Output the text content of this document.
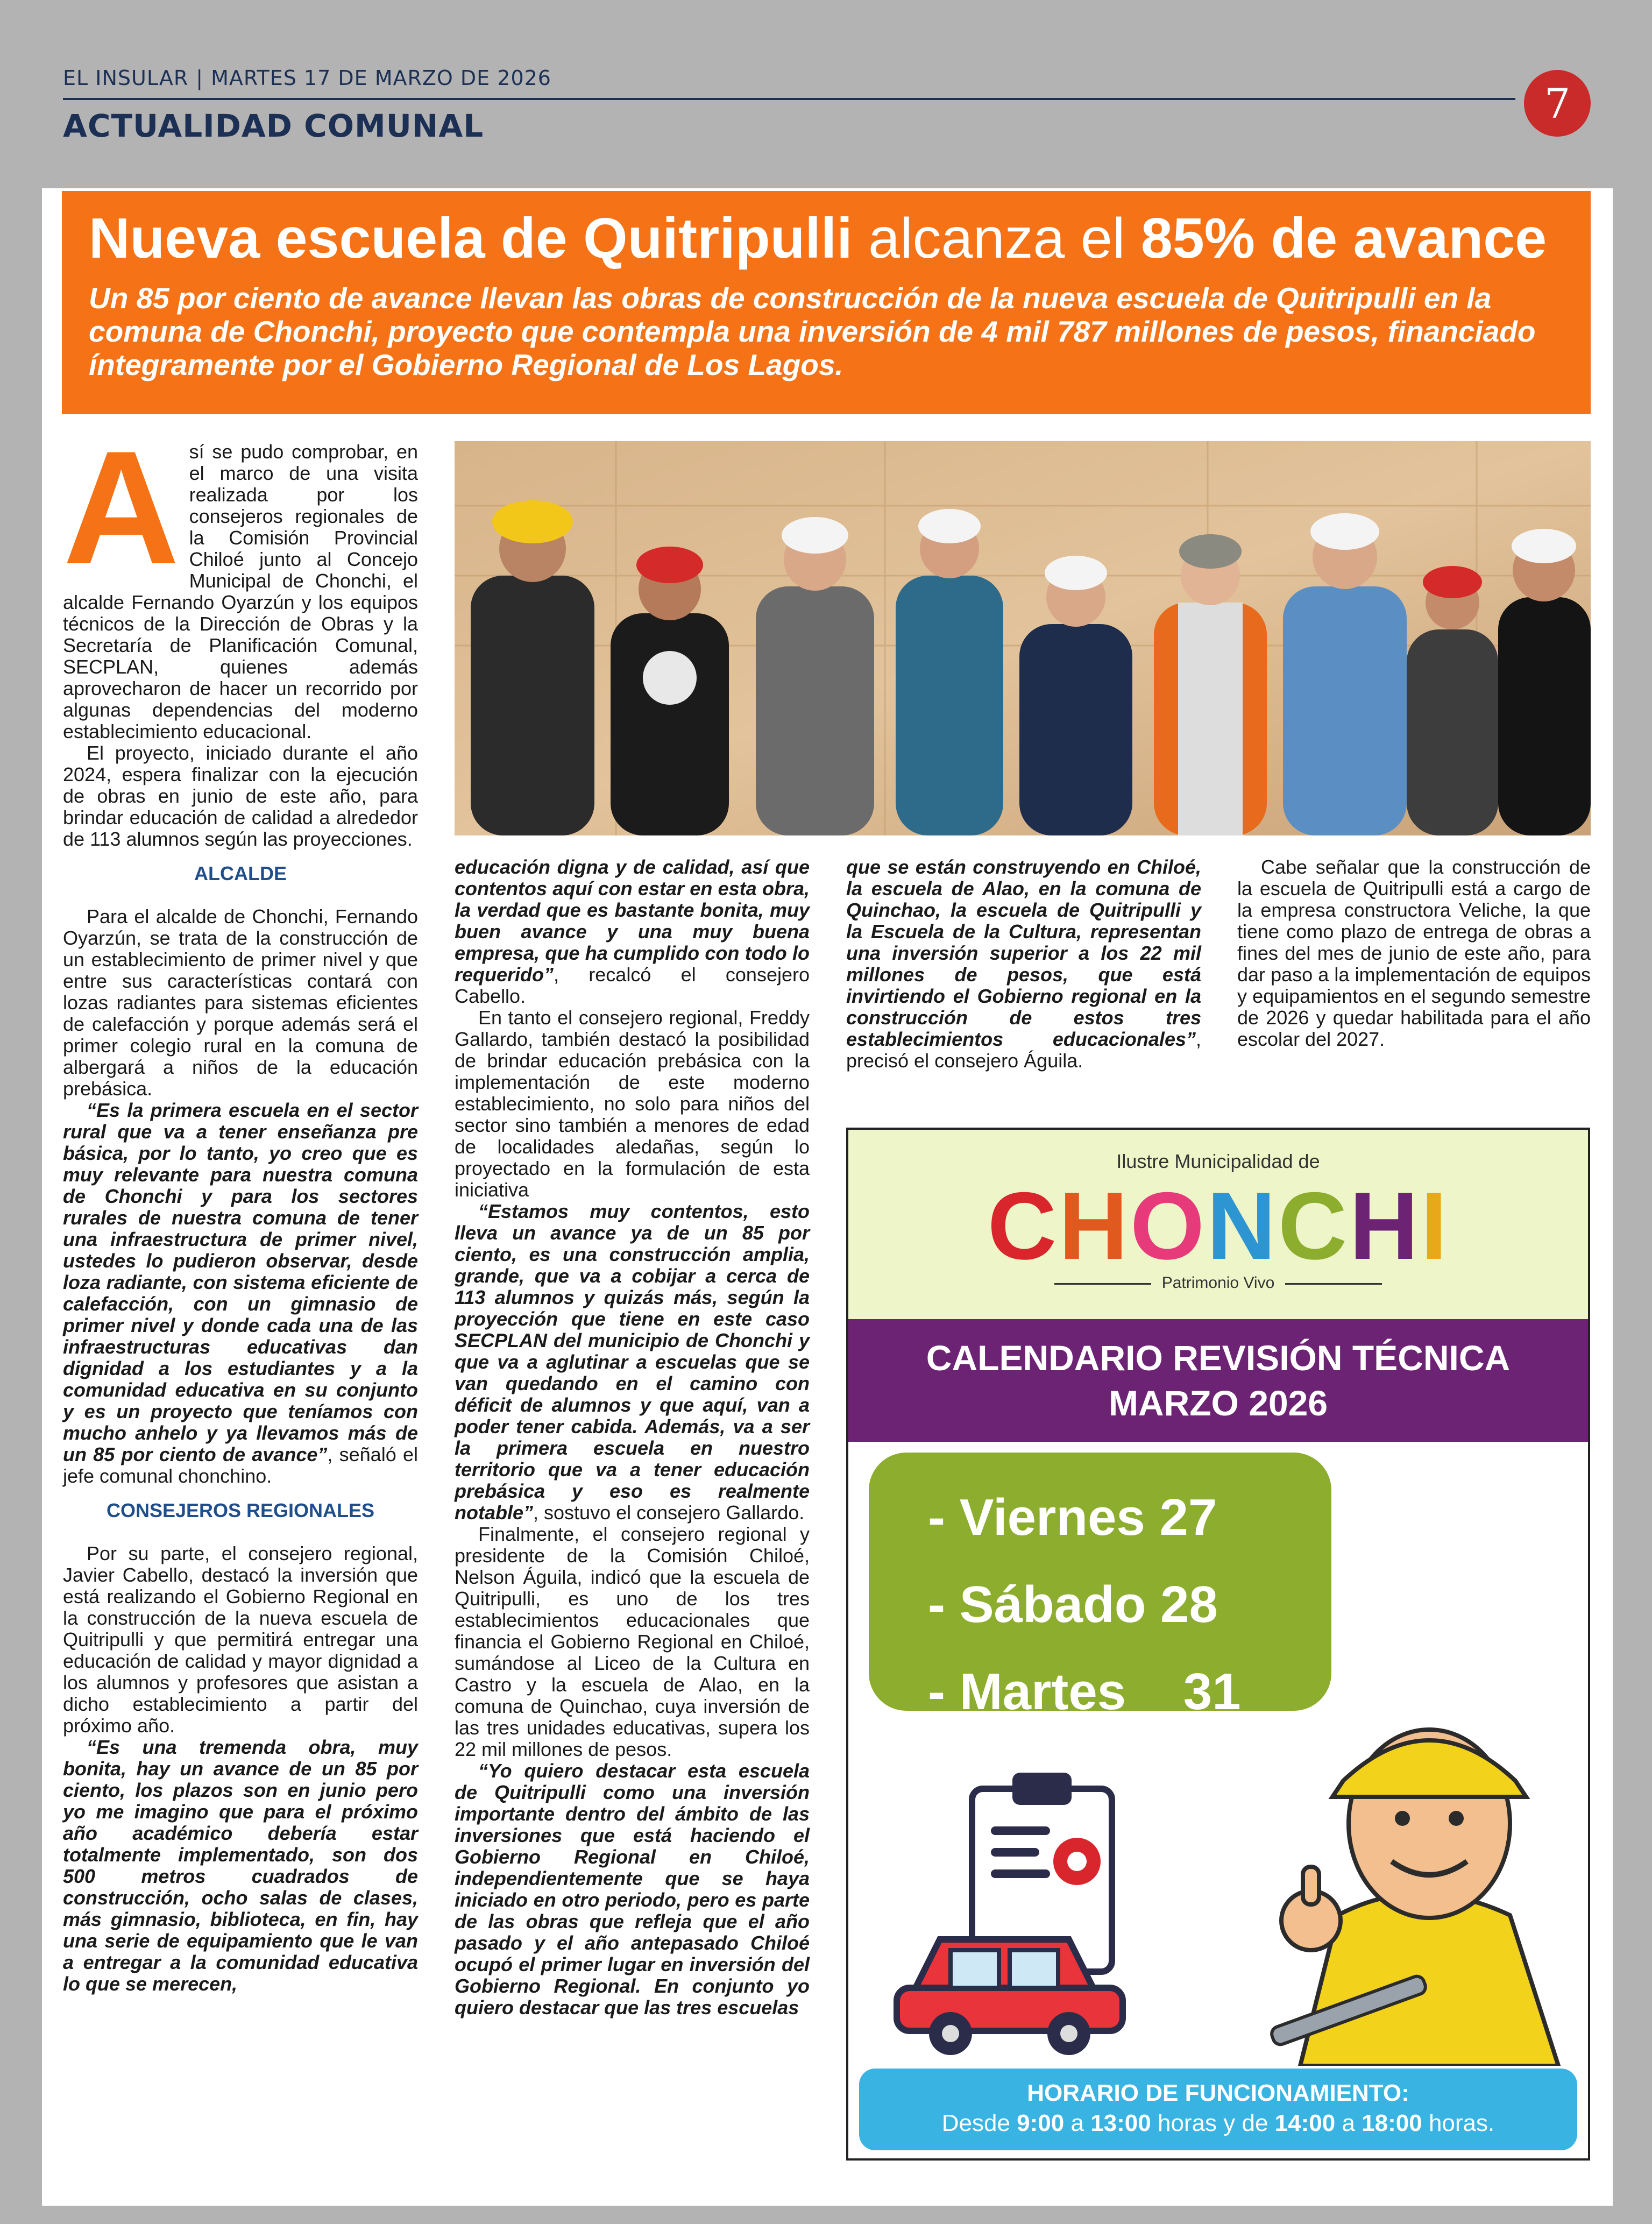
EL INSULAR | MARTES 17 DE MARZO DE 2026
ACTUALIDAD COMUNAL	7
Nueva escuela de Quitripulli alcanza el 85% de avance
Un 85 por ciento de avance llevan las obras de construcción de la nueva escuela de Quitripulli en la comuna de Chonchi, proyecto que contempla una inversión de 4 mil 787 millones de pesos, financiado íntegramente por el Gobierno Regional de Los Lagos.
A sí se pudo comprobar, en el marco de una visita realizada por los consejeros regionales de la Comisión Provincial Chiloé junto al Concejo Municipal de Chonchi, el alcalde Fernando Oyarzún y los equipos técnicos de la Dirección de Obras y la Secretaría de Planificación Comunal, SECPLAN, quienes además aprovecharon de hacer un recorrido por algunas dependencias del moderno establecimiento educacional.

El proyecto, iniciado durante el año 2024, espera finalizar con la ejecución de obras en junio de este año, para brindar educación de calidad a alrededor de 113 alumnos según las proyecciones.

ALCALDE

Para el alcalde de Chonchi, Fernando Oyarzún, se trata de la construcción de un establecimiento de primer nivel y que entre sus características contará con lozas radiantes para sistemas eficientes de calefacción y porque además será el primer colegio rural en la comuna de albergará a niños de la educación prebásica.

“Es la primera escuela en el sector rural que va a tener enseñanza pre básica, por lo tanto, yo creo que es muy relevante para nuestra comuna de Chonchi y para los sectores rurales de nuestra comuna de tener una infraestructura de primer nivel, ustedes lo pudieron observar, desde loza radiante, con sistema eficiente de calefacción, con un gimnasio de primer nivel y donde cada una de las infraestructuras educativas dan dignidad a los estudiantes y a la comunidad educativa en su conjunto y es un proyecto que teníamos con mucho anhelo y ya llevamos más de un 85 por ciento de avance”, señaló el jefe comunal chonchino.

CONSEJEROS REGIONALES

Por su parte, el consejero regional, Javier Cabello, destacó la inversión que está realizando el Gobierno Regional en la construcción de la nueva escuela de Quitripulli y que permitirá entregar una educación de calidad y mayor dignidad a los alumnos y profesores que asistan a dicho establecimiento a partir del próximo año.

“Es una tremenda obra, muy bonita, hay un avance de un 85 por ciento, los plazos son en junio pero yo me imagino que para el próximo año académico debería estar totalmente implementado, son dos 500 metros cuadrados de construcción, ocho salas de clases, más gimnasio, biblioteca, en fin, hay una serie de equipamiento que le van a entregar a la comunidad educativa lo que se merecen,

educación digna y de calidad, así que contentos aquí con estar en esta obra, la verdad que es bastante bonita, muy buen avance y una muy buena empresa, que ha cumplido con todo lo requerido”, recalcó el consejero Cabello.

En tanto el consejero regional, Freddy Gallardo, también destacó la posibilidad de brindar educación prebásica con la implementación de este moderno establecimiento, no solo para niños del sector sino también a menores de edad de localidades aledañas, según lo proyectado en la formulación de esta iniciativa

“Estamos muy contentos, esto lleva un avance ya de un 85 por ciento, es una construcción amplia, grande, que va a cobijar a cerca de 113 alumnos y quizás más, según la proyección que tiene en este caso SECPLAN del municipio de Chonchi y que va a aglutinar a escuelas que se van quedando en el camino con déficit de alumnos y que aquí, van a poder tener cabida. Además, va a ser la primera escuela en nuestro territorio que va a tener educación prebásica y eso es realmente notable”, sostuvo el consejero Gallardo.

Finalmente, el consejero regional y presidente de la Comisión Chiloé, Nelson Águila, indicó que la escuela de Quitripulli, es uno de los tres establecimientos educacionales que financia el Gobierno Regional en Chiloé, sumándose al Liceo de la Cultura en Castro y la escuela de Alao, en la comuna de Quinchao, cuya inversión de las tres unidades educativas, supera los 22 mil millones de pesos.

“Yo quiero destacar esta escuela de Quitripulli como una inversión importante dentro del ámbito de las inversiones que está haciendo el Gobierno Regional en Chiloé, independientemente que se haya iniciado en otro periodo, pero es parte de las obras que refleja que el año pasado y el año antepasado Chiloé ocupó el primer lugar en inversión del Gobierno Regional. En conjunto yo quiero destacar que las tres escuelas

que se están construyendo en Chiloé, la escuela de Alao, en la comuna de Quinchao, la escuela de Quitripulli y la Escuela de la Cultura, representan una inversión superior a los 22 mil millones de pesos, que está invirtiendo el Gobierno regional en la construcción de estos tres establecimientos educacionales”, precisó el consejero Águila.

Cabe señalar que la construcción de la escuela de Quitripulli está a cargo de la empresa constructora Veliche, la que tiene como plazo de entrega de obras a fines del mes de junio de este año, para dar paso a la implementación de equipos y equipamientos en el segundo semestre de 2026 y quedar habilitada para el año escolar del 2027.

Ilustre Municipalidad de
CHONCHI
Patrimonio Vivo
CALENDARIO REVISIÓN TÉCNICA
MARZO 2026
- Viernes 27
- Sábado 28
- Martes    31
HORARIO DE FUNCIONAMIENTO:
Desde 9:00 a 13:00 horas y de 14:00 a 18:00 horas.
